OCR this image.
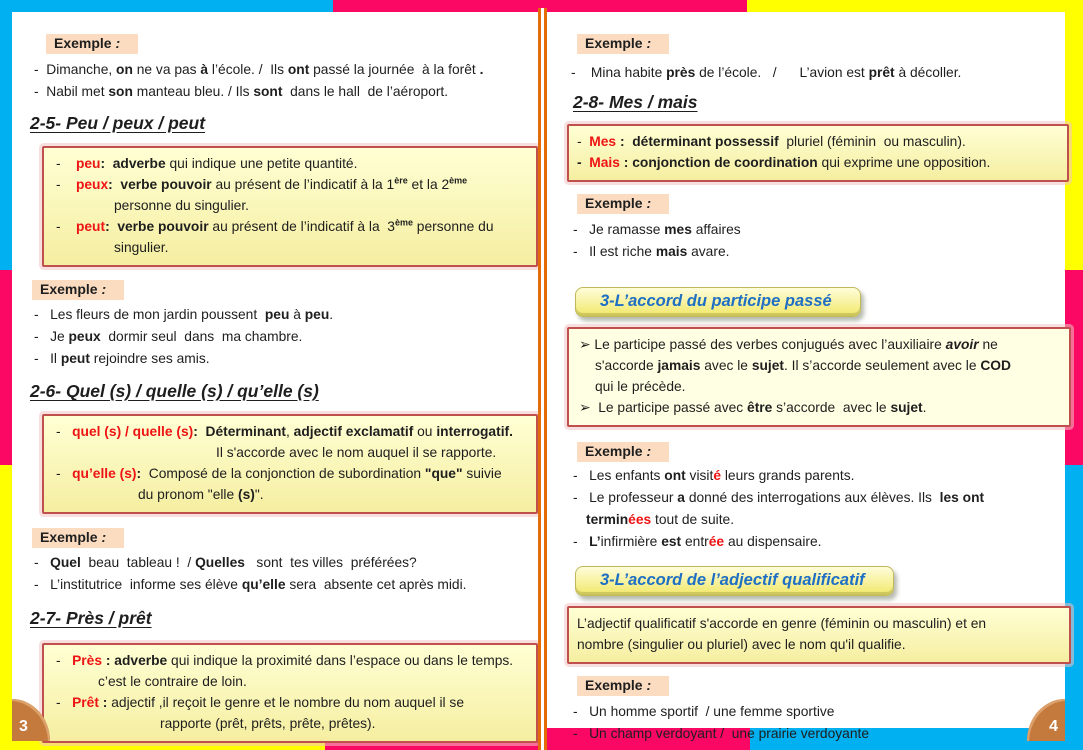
Exemple :
-  Dimanche, on ne va pas à l’école. /  Ils ont passé la journée  à la forêt .
-  Nabil met son manteau bleu. / Ils sont  dans le hall  de l’aéroport.
2-5- Peu / peux / peut
-    peu:  adverbe qui indique une petite quantité.
-    peux:  verbe pouvoir au présent de l’indicatif à la 1ère et la 2ème
personne du singulier.
-    peut:  verbe pouvoir au présent de l’indicatif à la  3ème personne du
singulier.
Exemple :
-   Les fleurs de mon jardin poussent  peu à peu.
-   Je peux  dormir seul  dans  ma chambre.
-   Il peut rejoindre ses amis.
2-6- Quel (s) / quelle (s) / qu’elle (s)
-   quel (s) / quelle (s):  Déterminant, adjectif exclamatif ou interrogatif.
Il s'accorde avec le nom auquel il se rapporte.
-   qu’elle (s):  Composé de la conjonction de subordination "que" suivie
du pronom "elle (s)".
Exemple :
-   Quel  beau  tableau !  / Quelles   sont  tes villes  préférées?
-   L’institutrice  informe ses élève qu’elle sera  absente cet après midi.
2-7- Près / prêt
-   Près : adverbe qui indique la proximité dans l’espace ou dans le temps.
c’est le contraire de loin.
-   Prêt : adjectif ,il reçoit le genre et le nombre du nom auquel il se
rapporte (prêt, prêts, prête, prêtes).
Exemple :
-    Mina habite près de l’école.   /      L’avion est prêt à décoller.
2-8- Mes / mais
-  Mes :  déterminant possessif  pluriel (féminin  ou masculin).
-  Mais : conjonction de coordination qui exprime une opposition.
Exemple :
-   Je ramasse mes affaires
-   Il est riche mais avare.
3-L’accord du participe passé
➢ Le participe passé des verbes conjugués avec l’auxiliaire avoir ne
s'accorde jamais avec le sujet. Il s’accorde seulement avec le COD
qui le précède.
➢  Le participe passé avec être s’accorde  avec le sujet.
Exemple :
-   Les enfants ont visité leurs grands parents.
-   Le professeur a donné des interrogations aux élèves. Ils  les ont
terminées tout de suite.
-   L’infirmière est entrée au dispensaire.
3-L’accord de l’adjectif qualificatif
L’adjectif qualificatif s'accorde en genre (féminin ou masculin) et en
nombre (singulier ou pluriel) avec le nom qu'il qualifie.
Exemple :
-   Un homme sportif  / une femme sportive
-   Un champ verdoyant /  une prairie verdoyante
3	4
